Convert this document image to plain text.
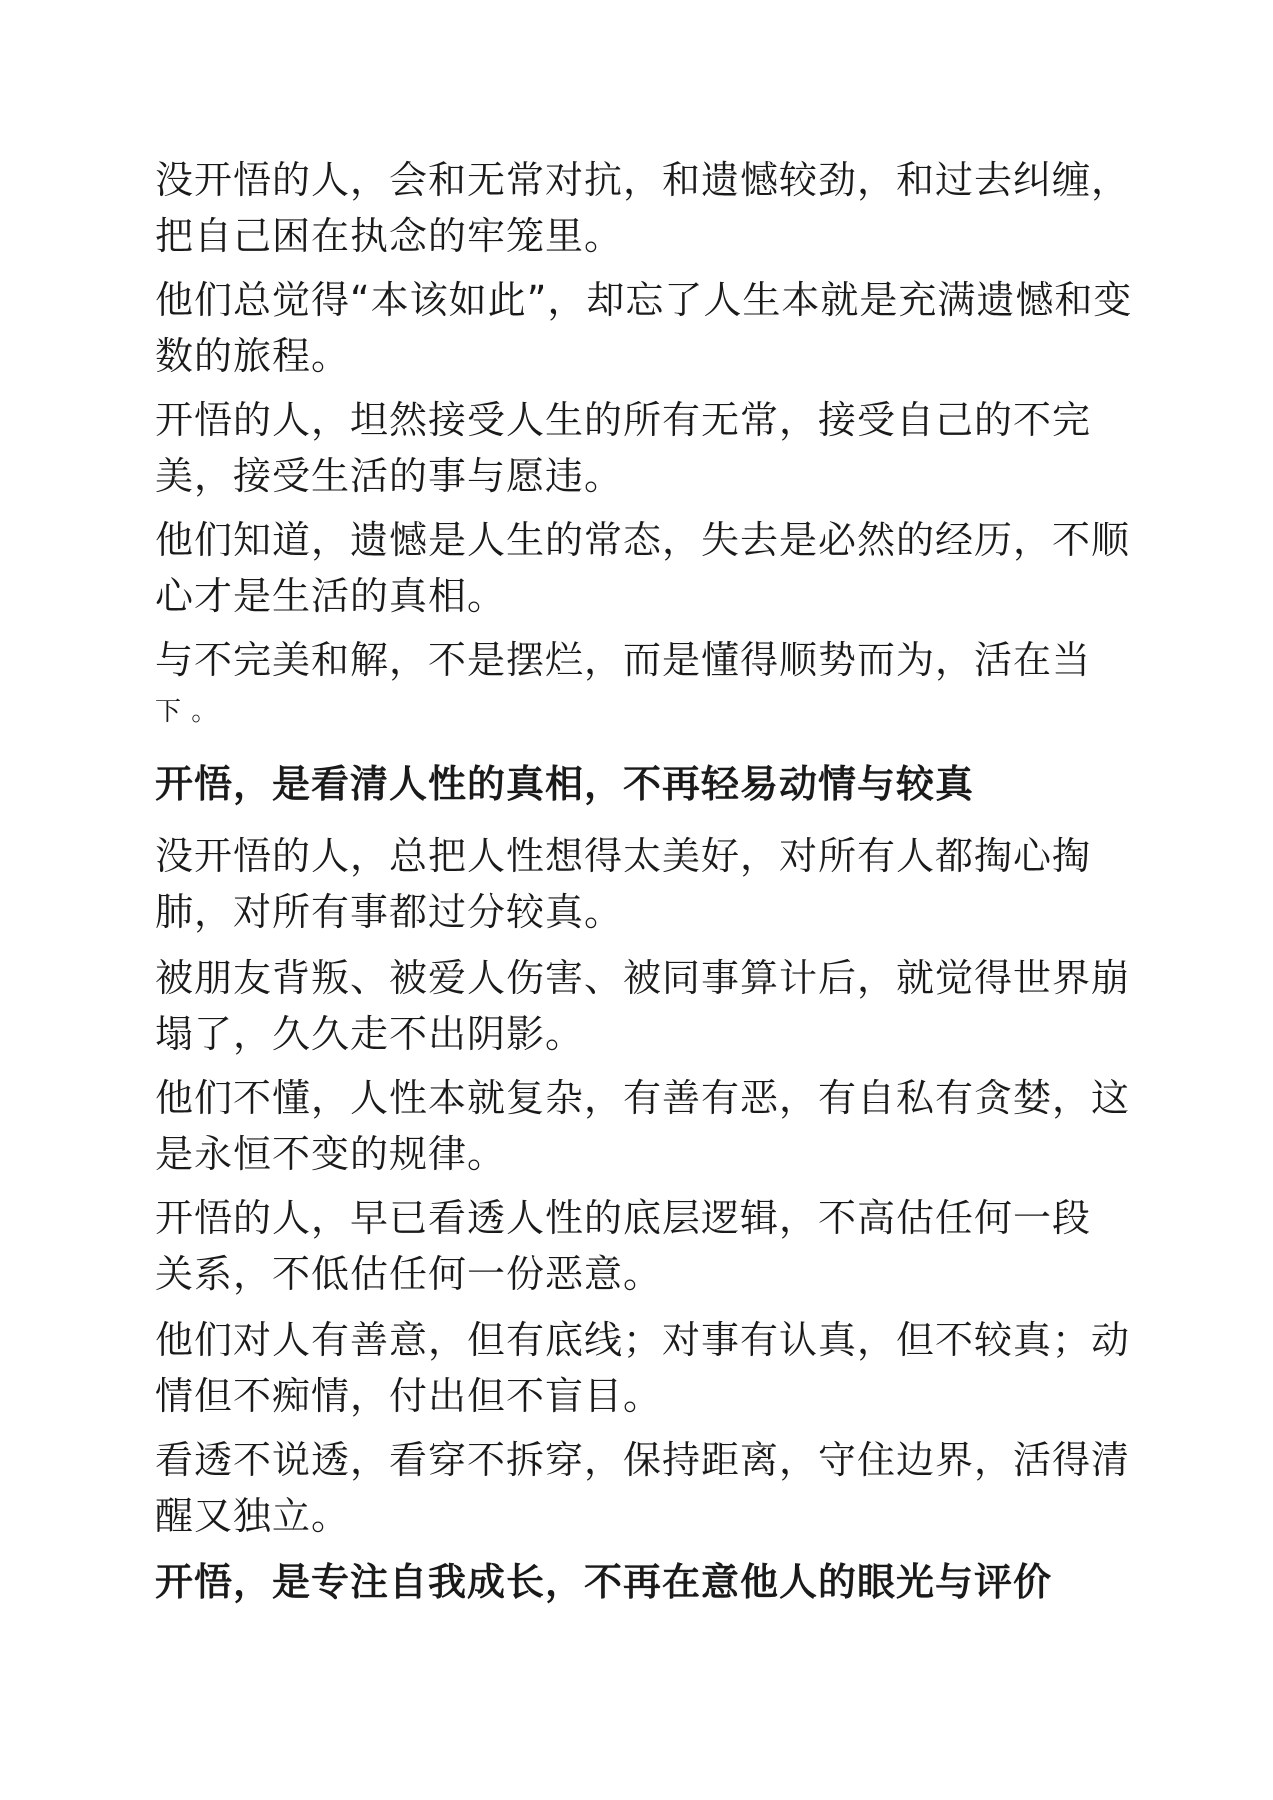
没开悟的人，会和无常对抗，和遗憾较劲，和过去纠缠，
把自己困在执念的牢笼里。

他们总觉得“本该如此”，却忘了人生本就是充满遗憾和变
数的旅程。

开悟的人，坦然接受人生的所有无常，接受自己的不完
美，接受生活的事与愿违。

他们知道，遗憾是人生的常态，失去是必然的经历，不顺
心才是生活的真相。

与不完美和解，不是摆烂，而是懂得顺势而为，活在当
下 。

开悟，是看清人性的真相，不再轻易动情与较真

没开悟的人，总把人性想得太美好，对所有人都掏心掏
肺，对所有事都过分较真。

被朋友背叛、被爱人伤害、被同事算计后，就觉得世界崩
塌了，久久走不出阴影。

他们不懂，人性本就复杂，有善有恶，有自私有贪婪，这
是永恒不变的规律。

开悟的人，早已看透人性的底层逻辑，不高估任何一段
关系，不低估任何一份恶意。

他们对人有善意，但有底线；对事有认真，但不较真；动
情但不痴情，付出但不盲目。

看透不说透，看穿不拆穿，保持距离，守住边界，活得清
醒又独立。

开悟，是专注自我成长，不再在意他人的眼光与评价
